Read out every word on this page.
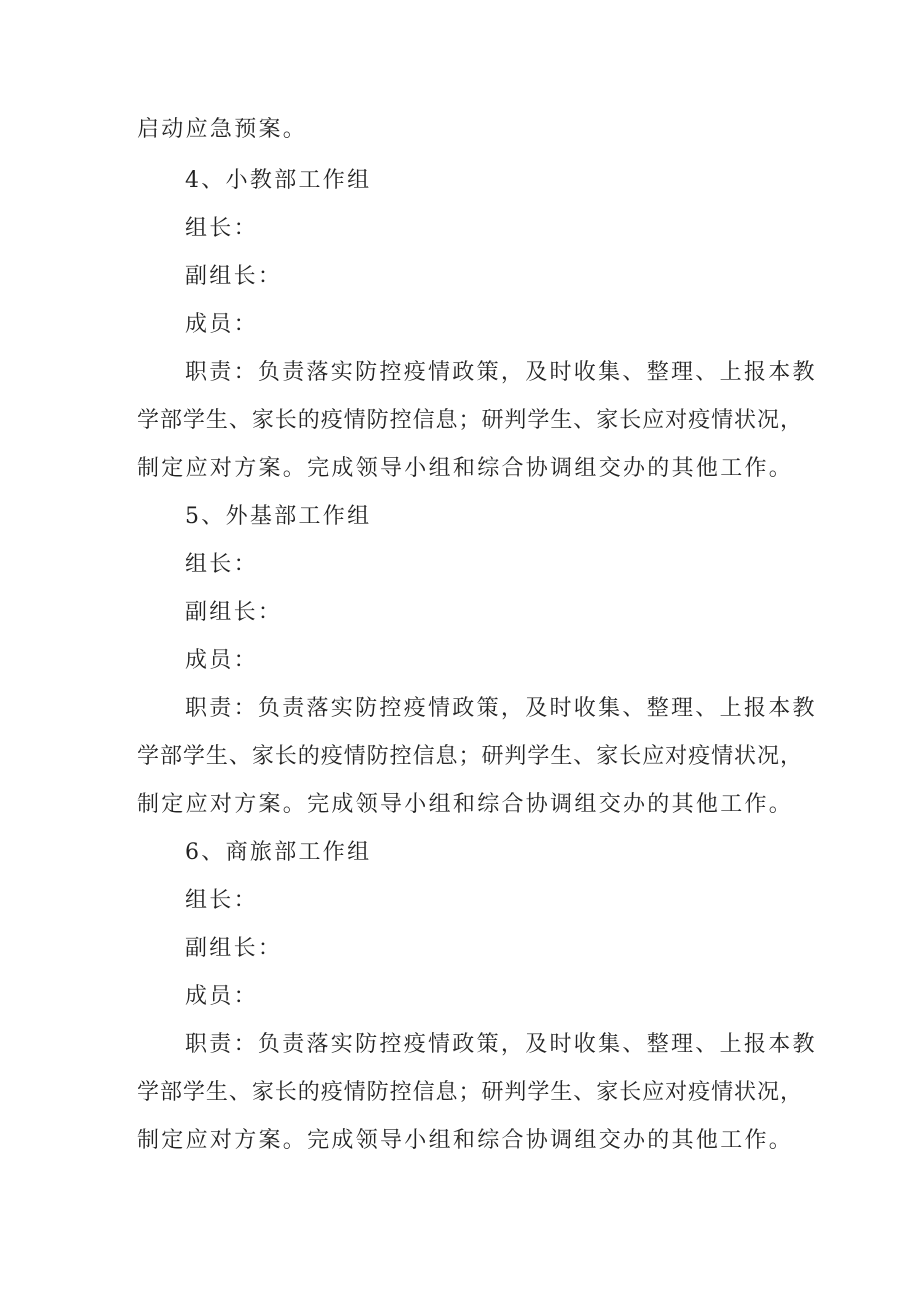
启动应急预案。
4、小教部工作组
组长：
副组长：
成员：
职责：负责落实防控疫情政策，及时收集、整理、上报本教
学部学生、家长的疫情防控信息；研判学生、家长应对疫情状况，
制定应对方案。完成领导小组和综合协调组交办的其他工作。
5、外基部工作组
组长：
副组长：
成员：
职责：负责落实防控疫情政策，及时收集、整理、上报本教
学部学生、家长的疫情防控信息；研判学生、家长应对疫情状况，
制定应对方案。完成领导小组和综合协调组交办的其他工作。
6、商旅部工作组
组长：
副组长：
成员：
职责：负责落实防控疫情政策，及时收集、整理、上报本教
学部学生、家长的疫情防控信息；研判学生、家长应对疫情状况，
制定应对方案。完成领导小组和综合协调组交办的其他工作。
